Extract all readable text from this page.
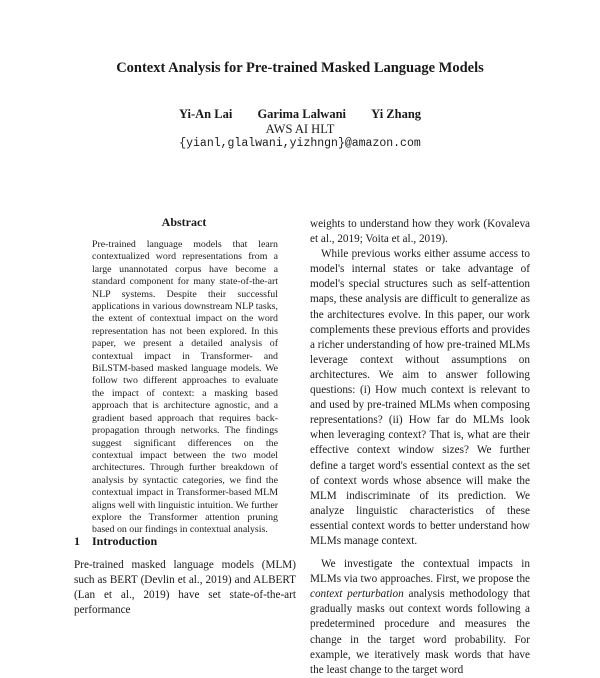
Context Analysis for Pre-trained Masked Language Models
Yi-An Lai Garima Lalwani Yi Zhang
AWS AI HLT
{yianl,glalwani,yizhngn}@amazon.com
Abstract

Pre-trained language models that learn contextualized word representations from a large unannotated corpus have become a standard component for many state-of-the-art NLP systems. Despite their successful applications in various downstream NLP tasks, the extent of contextual impact on the word representation has not been explored. In this paper, we present a detailed analysis of contextual impact in Transformer- and BiLSTM-based masked language models. We follow two different approaches to evaluate the impact of context: a masking based approach that is architecture agnostic, and a gradient based approach that requires back-propagation through networks. The findings suggest significant differences on the contextual impact between the two model architectures. Through further breakdown of analysis by syntactic categories, we find the contextual impact in Transformer-based MLM aligns well with linguistic intuition. We further explore the Transformer attention pruning based on our findings in contextual analysis.

1 Introduction

Pre-trained masked language models (MLM) such as BERT (Devlin et al., 2019) and ALBERT (Lan et al., 2019) have set state-of-the-art performance

weights to understand how they work (Kovaleva et al., 2019; Voita et al., 2019).

While previous works either assume access to model's internal states or take advantage of model's special structures such as self-attention maps, these analysis are difficult to generalize as the architectures evolve. In this paper, our work complements these previous efforts and provides a richer understanding of how pre-trained MLMs leverage context without assumptions on architectures. We aim to answer following questions: (i) How much context is relevant to and used by pre-trained MLMs when composing representations? (ii) How far do MLMs look when leveraging context? That is, what are their effective context window sizes? We further define a target word's essential context as the set of context words whose absence will make the MLM indiscriminate of its prediction. We analyze linguistic characteristics of these essential context words to better understand how MLMs manage context.

We investigate the contextual impacts in MLMs via two approaches. First, we propose the context perturbation analysis methodology that gradually masks out context words following a predetermined procedure and measures the change in the target word probability. For example, we iteratively mask words that have the least change to the target word
